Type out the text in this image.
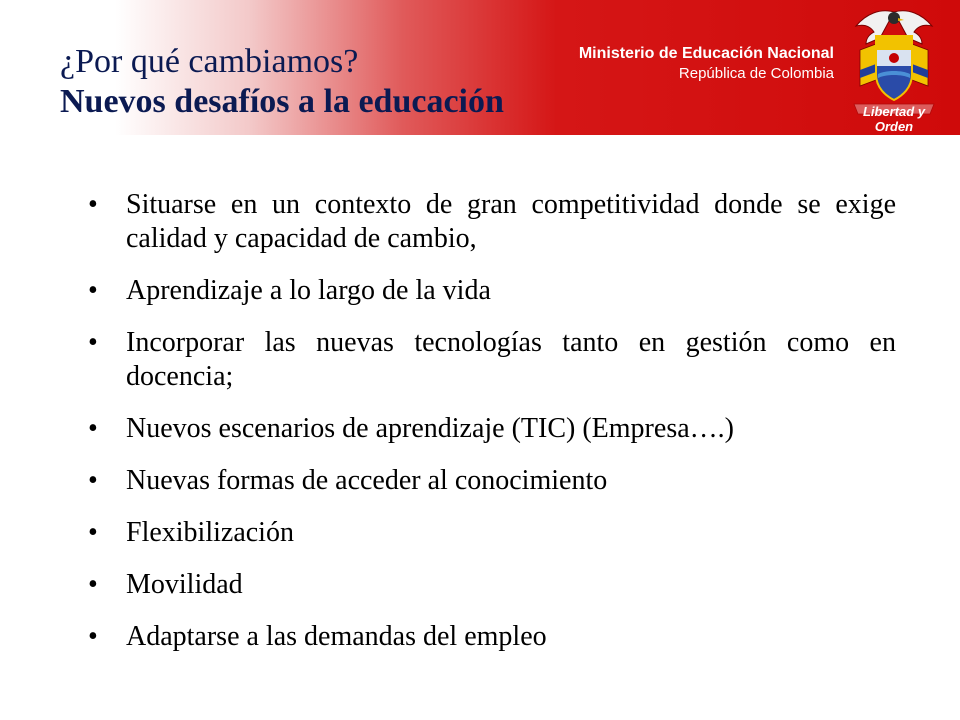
¿Por qué cambiamos?
Nuevos desafíos a la educación
Ministerio de Educación Nacional
República de Colombia
Libertad y Orden
• Situarse en un contexto de gran competitividad donde se exige calidad y capacidad de cambio,
• Aprendizaje a lo largo de la vida
• Incorporar las nuevas tecnologías tanto en gestión como en docencia;
• Nuevos escenarios de aprendizaje (TIC) (Empresa….)
• Nuevas formas de acceder al conocimiento
• Flexibilización
• Movilidad
• Adaptarse a las demandas del empleo
